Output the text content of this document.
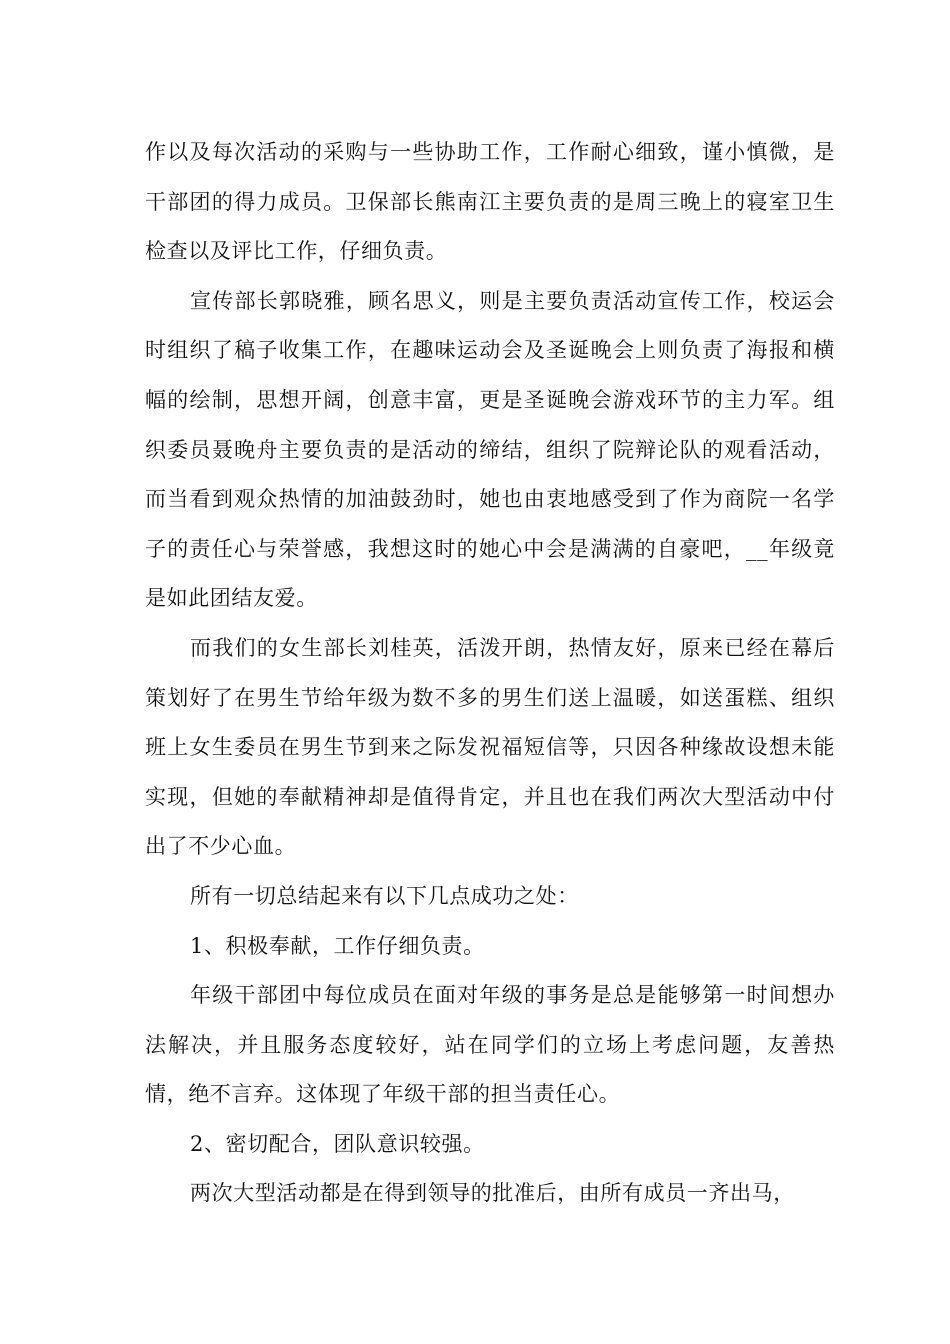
作以及每次活动的采购与一些协助工作，工作耐心细致，谨小慎微，是干部团的得力成员。卫保部长熊南江主要负责的是周三晚上的寝室卫生检查以及评比工作，仔细负责。

宣传部长郭晓雅，顾名思义，则是主要负责活动宣传工作，校运会时组织了稿子收集工作，在趣味运动会及圣诞晚会上则负责了海报和横幅的绘制，思想开阔，创意丰富，更是圣诞晚会游戏环节的主力军。组织委员聂晚舟主要负责的是活动的缔结，组织了院辩论队的观看活动，而当看到观众热情的加油鼓劲时，她也由衷地感受到了作为商院一名学子的责任心与荣誉感，我想这时的她心中会是满满的自豪吧，__年级竟是如此团结友爱。

而我们的女生部长刘桂英，活泼开朗，热情友好，原来已经在幕后策划好了在男生节给年级为数不多的男生们送上温暖，如送蛋糕、组织班上女生委员在男生节到来之际发祝福短信等，只因各种缘故设想未能实现，但她的奉献精神却是值得肯定，并且也在我们两次大型活动中付出了不少心血。

所有一切总结起来有以下几点成功之处：

1、积极奉献，工作仔细负责。

年级干部团中每位成员在面对年级的事务是总是能够第一时间想办法解决，并且服务态度较好，站在同学们的立场上考虑问题，友善热情，绝不言弃。这体现了年级干部的担当责任心。

2、密切配合，团队意识较强。

两次大型活动都是在得到领导的批准后，由所有成员一齐出马，
